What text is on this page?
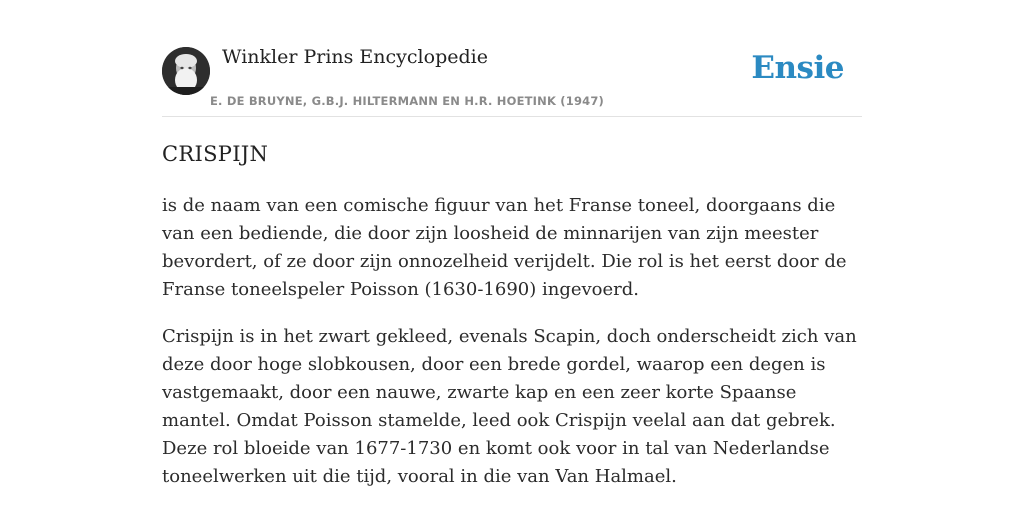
Winkler Prins Encyclopedie
E. DE BRUYNE, G.B.J. HILTERMANN EN H.R. HOETINK (1947)
Ensie
CRISPIJN

is de naam van een comische figuur van het Franse toneel, doorgaans die van een bediende, die door zijn loosheid de minnarijen van zijn meester bevordert, of ze door zijn onnozelheid verijdelt. Die rol is het eerst door de Franse toneelspeler Poisson (1630-1690) ingevoerd.

Crispijn is in het zwart gekleed, evenals Scapin, doch onderscheidt zich van deze door hoge slobkousen, door een brede gordel, waarop een degen is vastgemaakt, door een nauwe, zwarte kap en een zeer korte Spaanse mantel. Omdat Poisson stamelde, leed ook Crispijn veelal aan dat gebrek. Deze rol bloeide van 1677-1730 en komt ook voor in tal van Nederlandse toneelwerken uit die tijd, vooral in die van Van Halmael.
